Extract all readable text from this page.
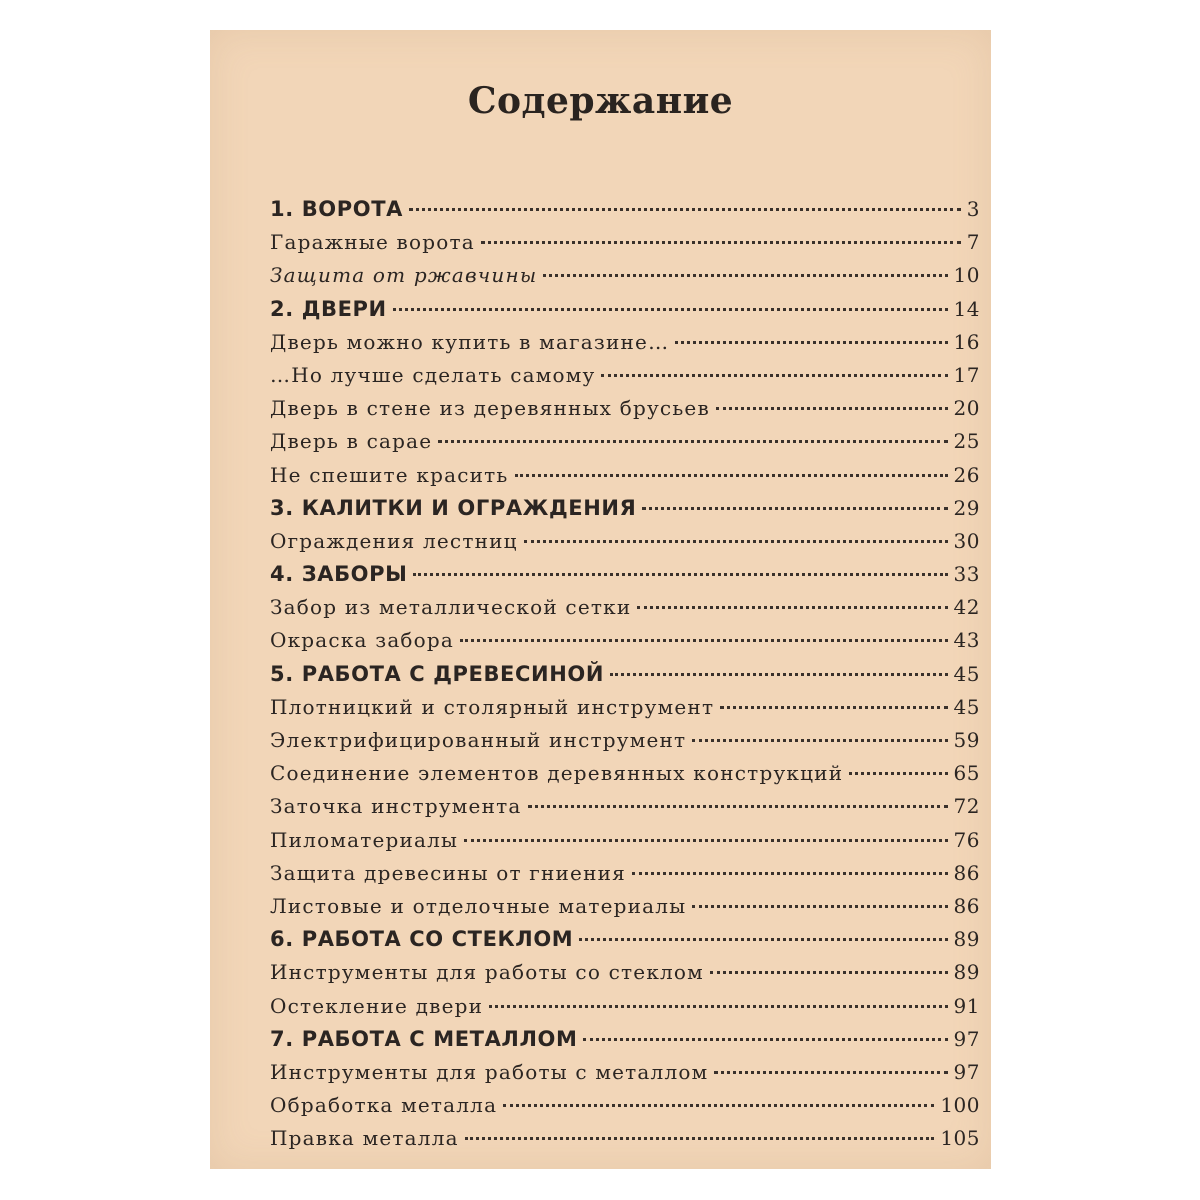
Содержание
1. ВОРОТА	3
Гаражные ворота	7
Защита от ржавчины	10
2. ДВЕРИ	14
Дверь можно купить в магазине…	16
…Но лучше сделать самому	17
Дверь в стене из деревянных брусьев	20
Дверь в сарае	25
Не спешите красить	26
3. КАЛИТКИ И ОГРАЖДЕНИЯ	29
Ограждения лестниц	30
4. ЗАБОРЫ	33
Забор из металлической сетки	42
Окраска забора	43
5. РАБОТА С ДРЕВЕСИНОЙ	45
Плотницкий и столярный инструмент	45
Электрифицированный инструмент	59
Соединение элементов деревянных конструкций	65
Заточка инструмента	72
Пиломатериалы	76
Защита древесины от гниения	86
Листовые и отделочные материалы	86
6. РАБОТА СО СТЕКЛОМ	89
Инструменты для работы со стеклом	89
Остекление двери	91
7. РАБОТА С МЕТАЛЛОМ	97
Инструменты для работы с металлом	97
Обработка металла	100
Правка металла	105
